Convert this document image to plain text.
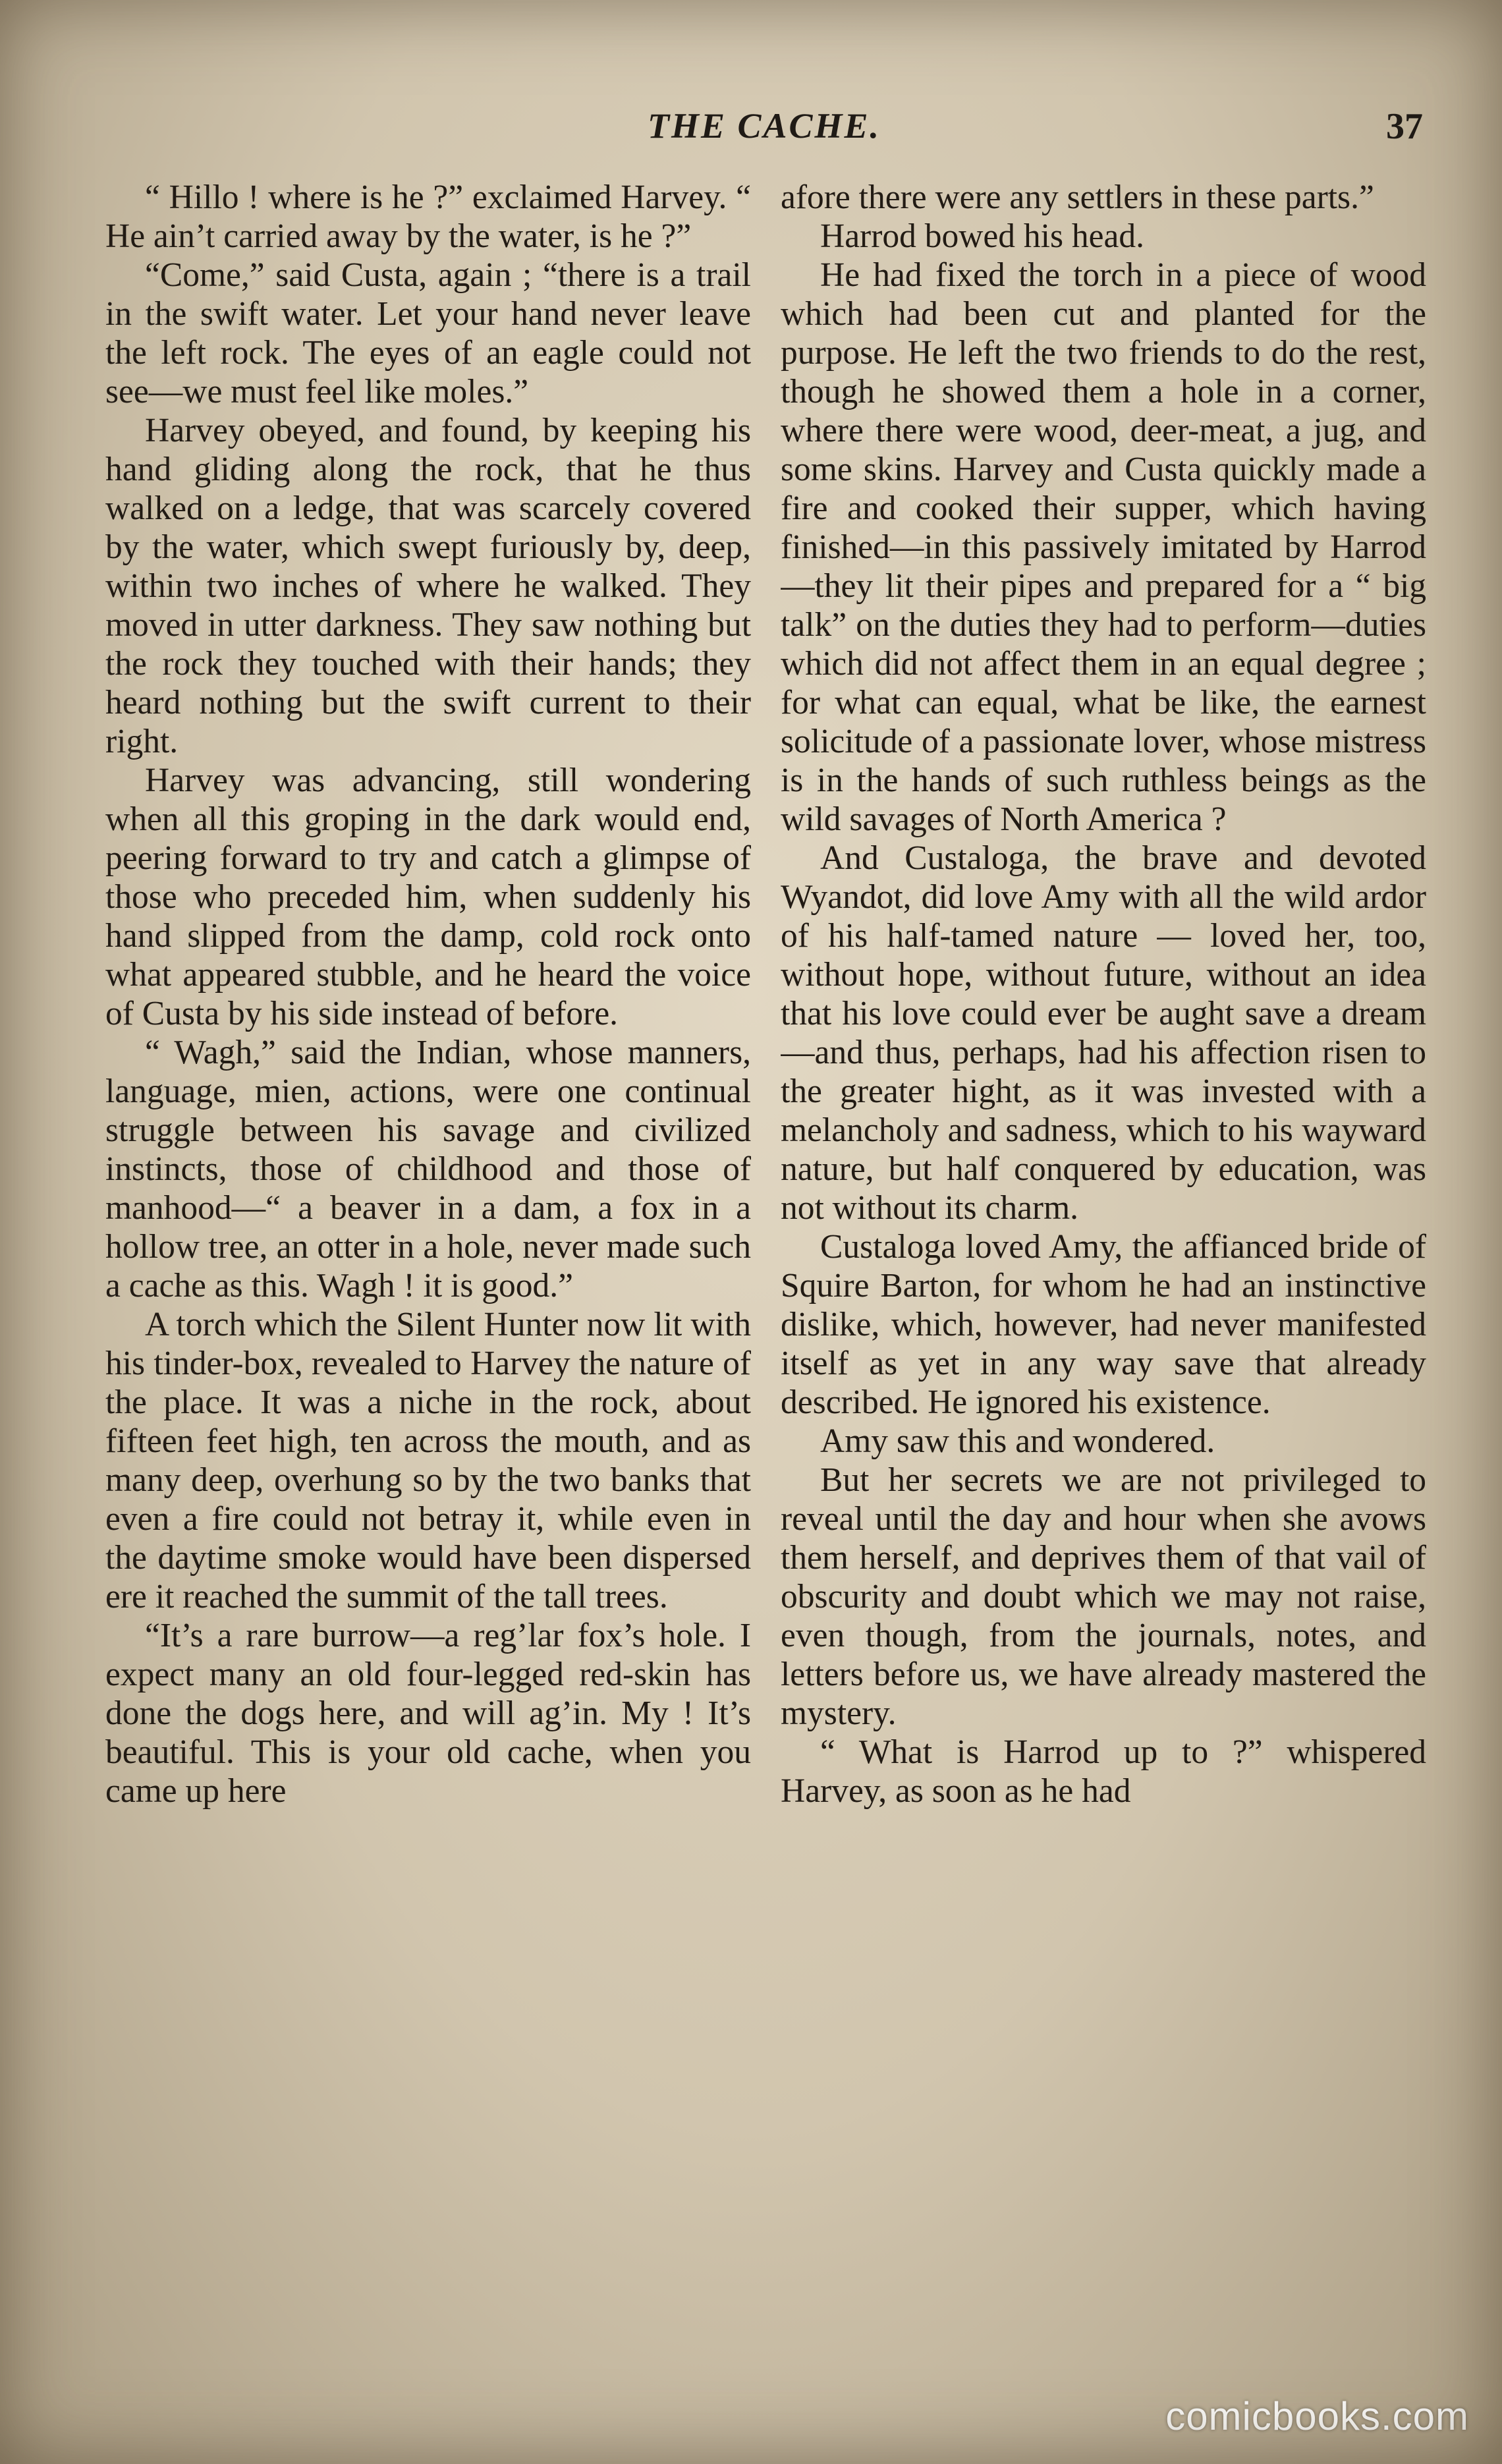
THE CACHE.	37

“ Hillo ! where is he ?” exclaimed Harvey. “ He ain’t carried away by the water, is he ?”

“Come,” said Custa, again ; “there is a trail in the swift water. Let your hand never leave the left rock. The eyes of an eagle could not see—we must feel like moles.”

Harvey obeyed, and found, by keeping his hand gliding along the rock, that he thus walked on a ledge, that was scarcely covered by the water, which swept furiously by, deep, within two inches of where he walked. They moved in utter darkness. They saw nothing but the rock they touched with their hands; they heard nothing but the swift current to their right.

Harvey was advancing, still wondering when all this groping in the dark would end, peering forward to try and catch a glimpse of those who preceded him, when suddenly his hand slipped from the damp, cold rock onto what appeared stubble, and he heard the voice of Custa by his side instead of before.

“ Wagh,” said the Indian, whose manners, language, mien, actions, were one continual struggle between his savage and civilized instincts, those of childhood and those of manhood—“ a beaver in a dam, a fox in a hollow tree, an otter in a hole, never made such a cache as this. Wagh ! it is good.”

A torch which the Silent Hunter now lit with his tinder-box, revealed to Harvey the nature of the place. It was a niche in the rock, about fifteen feet high, ten across the mouth, and as many deep, overhung so by the two banks that even a fire could not betray it, while even in the daytime smoke would have been dispersed ere it reached the summit of the tall trees.

“It’s a rare burrow—a reg’lar fox’s hole. I expect many an old four-legged red-skin has done the dogs here, and will ag’in. My ! It’s beautiful. This is your old cache, when you came up here

afore there were any settlers in these parts.”

Harrod bowed his head.

He had fixed the torch in a piece of wood which had been cut and planted for the purpose. He left the two friends to do the rest, though he showed them a hole in a corner, where there were wood, deer-meat, a jug, and some skins. Harvey and Custa quickly made a fire and cooked their supper, which having finished—in this passively imitated by Harrod—they lit their pipes and prepared for a “ big talk” on the duties they had to perform—duties which did not affect them in an equal degree ; for what can equal, what be like, the earnest solicitude of a passionate lover, whose mistress is in the hands of such ruthless beings as the wild savages of North America ?

And Custaloga, the brave and devoted Wyandot, did love Amy with all the wild ardor of his half-tamed nature — loved her, too, without hope, without future, without an idea that his love could ever be aught save a dream—and thus, perhaps, had his affection risen to the greater hight, as it was invested with a melancholy and sadness, which to his wayward nature, but half conquered by education, was not without its charm.

Custaloga loved Amy, the affianced bride of Squire Barton, for whom he had an instinctive dislike, which, however, had never manifested itself as yet in any way save that already described. He ignored his existence.

Amy saw this and wondered.

But her secrets we are not privileged to reveal until the day and hour when she avows them herself, and deprives them of that vail of obscurity and doubt which we may not raise, even though, from the journals, notes, and letters before us, we have already mastered the mystery.

“ What is Harrod up to ?” whispered Harvey, as soon as he had

comicbooks.com
